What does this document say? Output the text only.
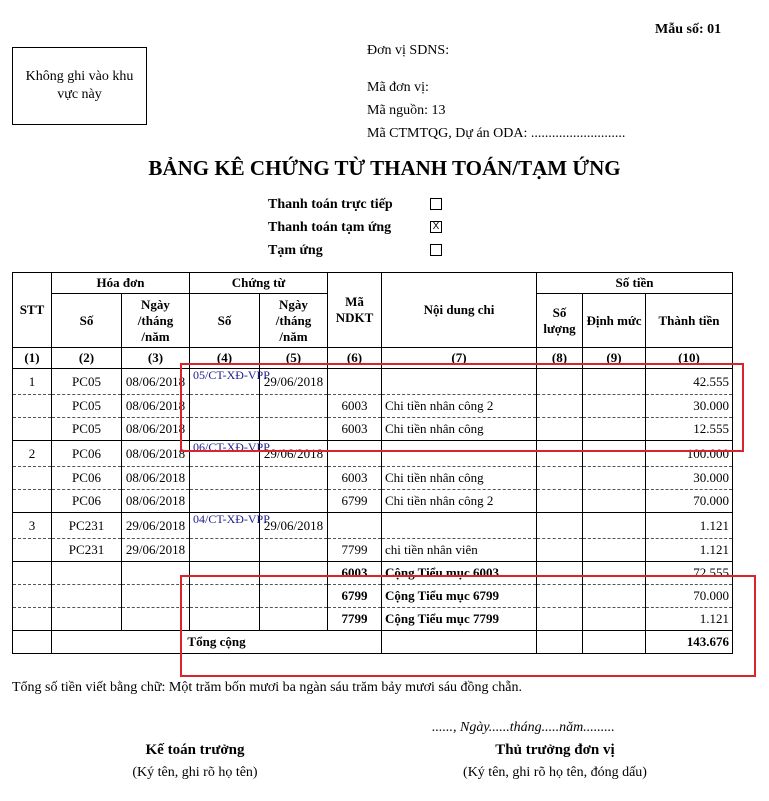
Mẫu số: 01
Không ghi vào khu vực này
Đơn vị SDNS:
Mã đơn vị:
Mã nguồn: 13
Mã CTMTQG, Dự án ODA: ...........................
BẢNG KÊ CHỨNG TỪ THANH TOÁN/TẠM ỨNG
Thanh toán trực tiếp
Thanh toán tạm ứng	X
Tạm ứng
STT	Hóa đơn		Chứng từ		Mã NDKT	Nội dung chi	Số tiền		
	Số	Ngày /tháng /năm	Số	Ngày /tháng /năm			Số lượng	Định mức	Thành tiền
(1)	(2)	(3)	(4)	(5)	(6)	(7)	(8)	(9)	(10)
1	PC05	08/06/2018	05/CT-XĐ-VPP	29/06/2018					42.555
	PC05	08/06/2018			6003	Chi tiền nhân công 2			30.000
	PC05	08/06/2018			6003	Chi tiền nhân công			12.555
2	PC06	08/06/2018	06/CT-XĐ-VPP	29/06/2018					100.000
	PC06	08/06/2018			6003	Chi tiền nhân công			30.000
	PC06	08/06/2018			6799	Chi tiền nhân công 2			70.000
3	PC231	29/06/2018	04/CT-XĐ-VPP	29/06/2018					1.121
	PC231	29/06/2018			7799	chi tiền nhân viên			1.121
					6003	Cộng Tiểu mục 6003			72.555
					6799	Cộng Tiểu mục 6799			70.000
					7799	Cộng Tiểu mục 7799			1.121
	Tổng cộng								143.676
Tổng số tiền viết bằng chữ: Một trăm bốn mươi ba ngàn sáu trăm bảy mươi sáu đồng chẵn.
......, Ngày......tháng.....năm.........
Kế toán trưởng
(Ký tên, ghi rõ họ tên)
Thủ trưởng đơn vị
(Ký tên, ghi rõ họ tên, đóng dấu)
